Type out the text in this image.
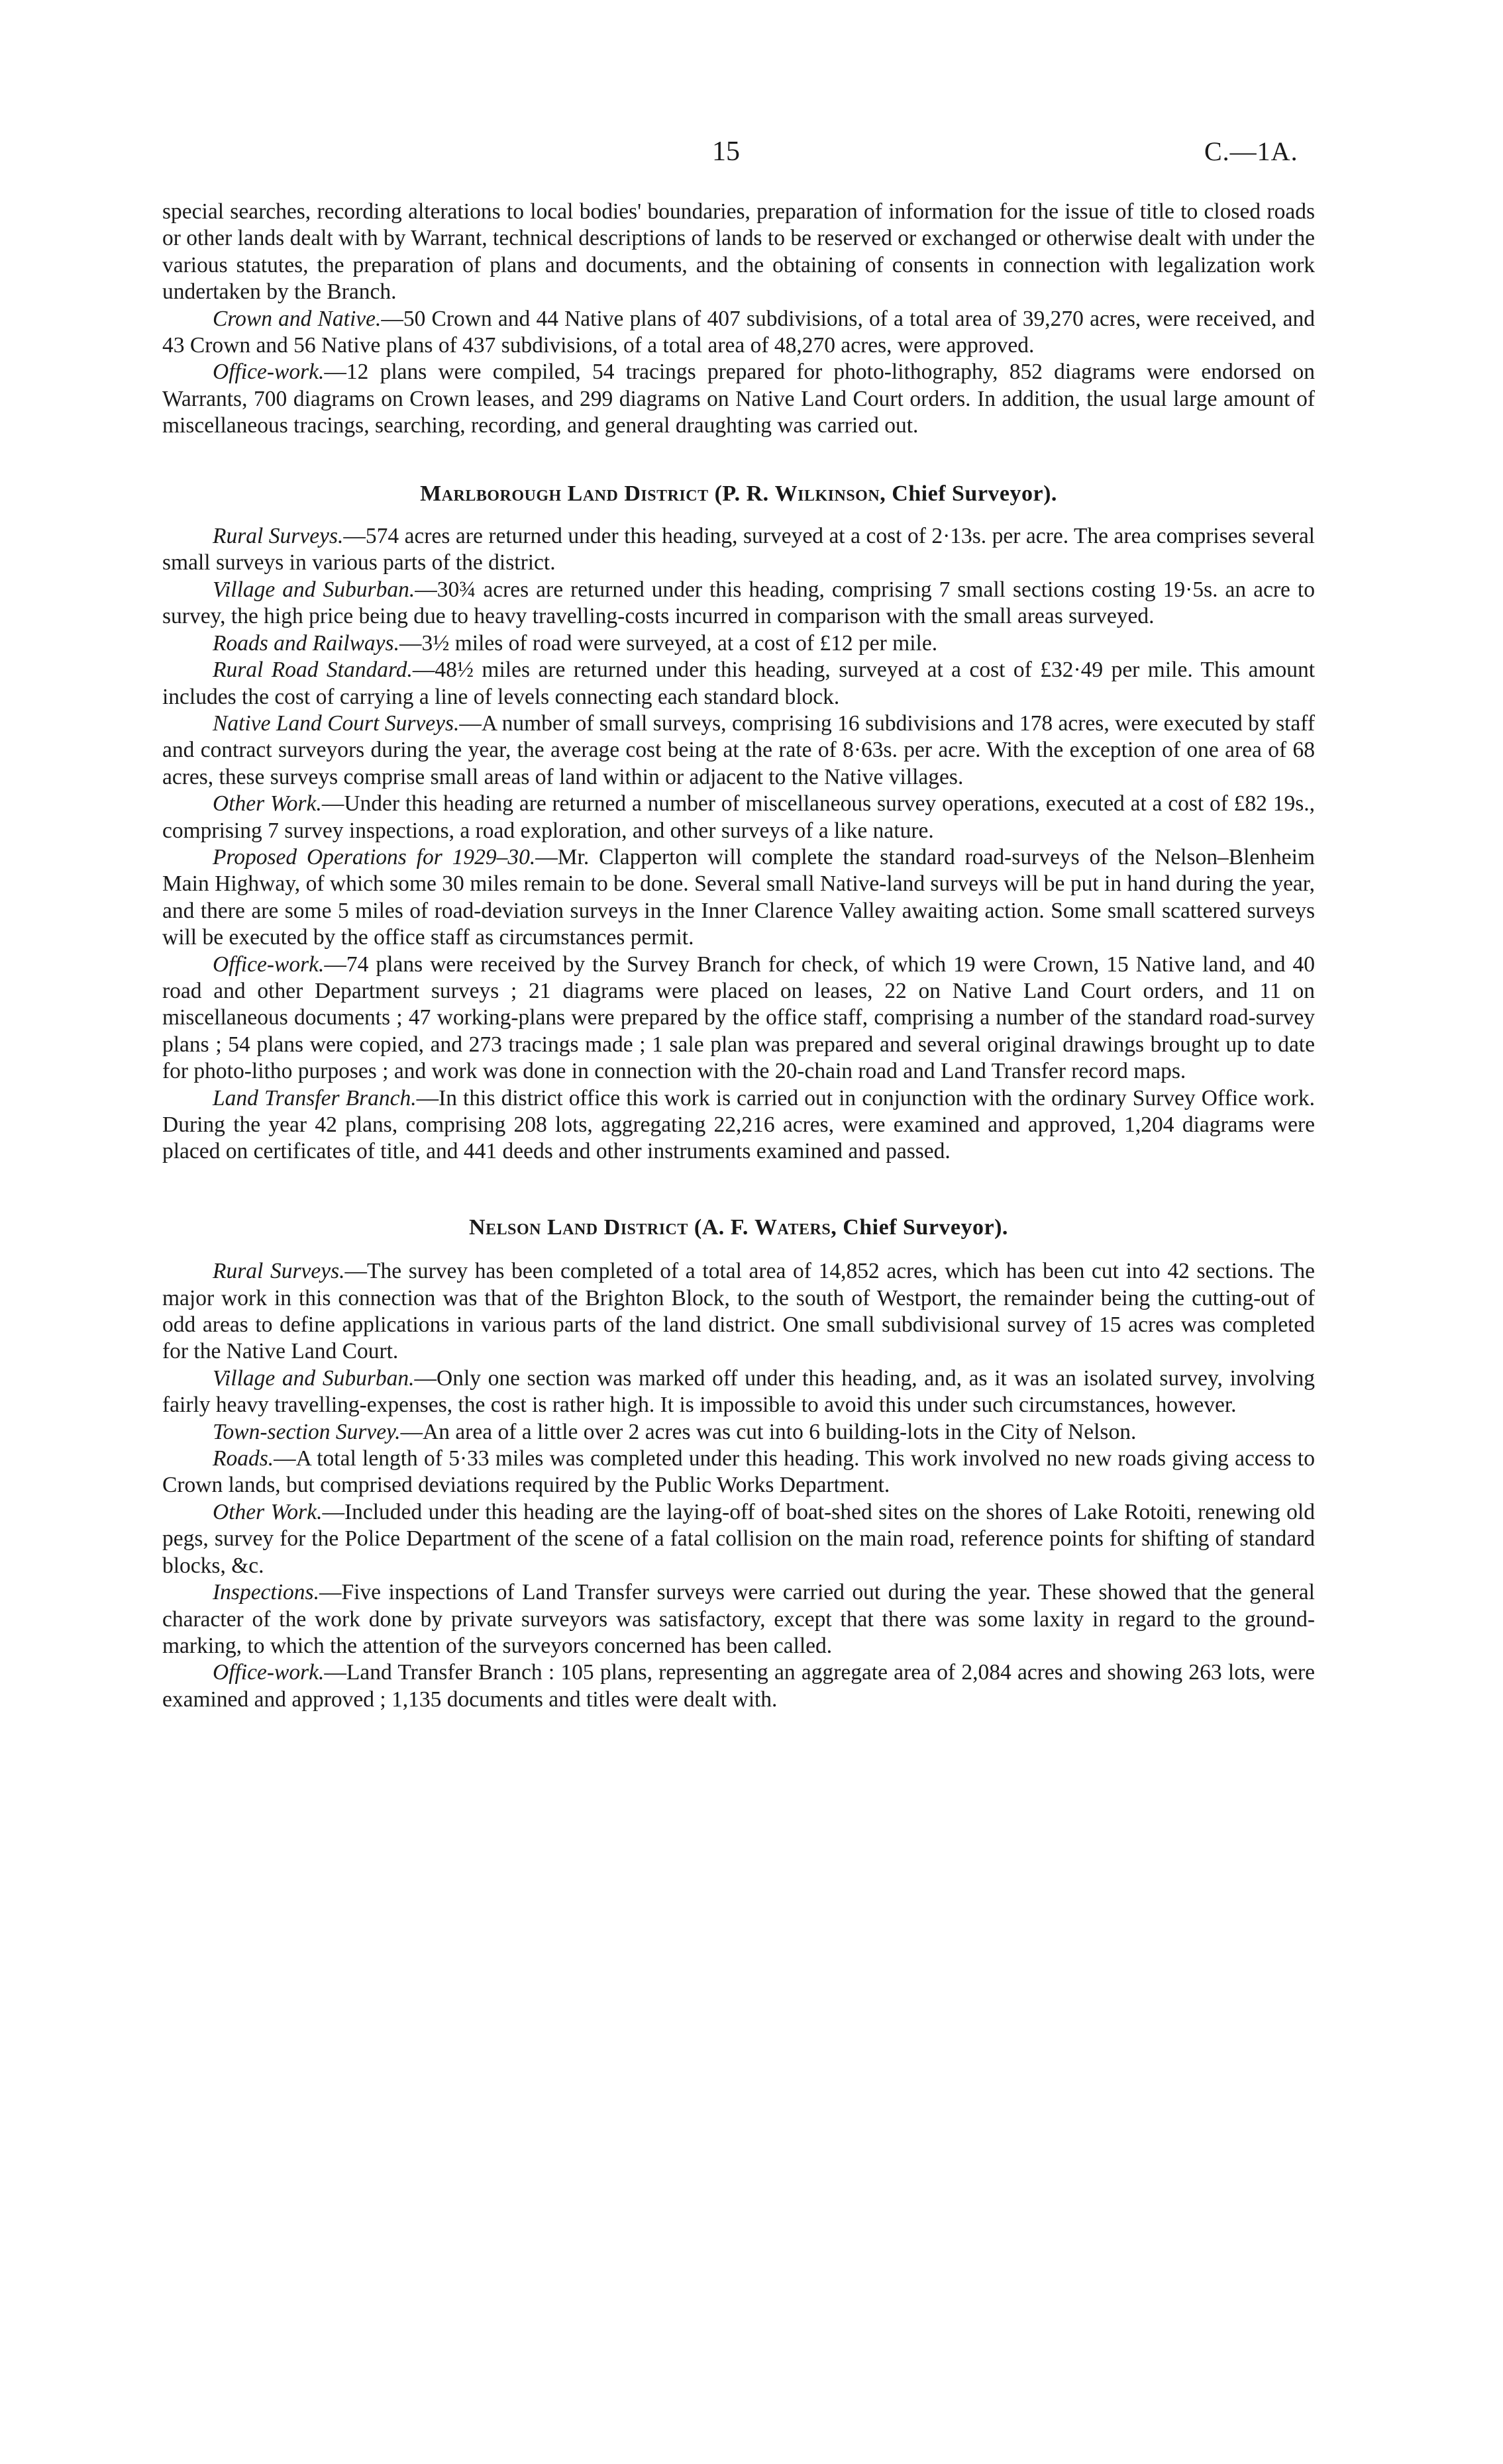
15	C.—1A.

special searches, recording alterations to local bodies' boundaries, preparation of information for the issue of title to closed roads or other lands dealt with by Warrant, technical descriptions of lands to be reserved or exchanged or otherwise dealt with under the various statutes, the preparation of plans and documents, and the obtaining of consents in connection with legalization work undertaken by the Branch.

Crown and Native.—50 Crown and 44 Native plans of 407 subdivisions, of a total area of 39,270 acres, were received, and 43 Crown and 56 Native plans of 437 subdivisions, of a total area of 48,270 acres, were approved.

Office-work.—12 plans were compiled, 54 tracings prepared for photo-lithography, 852 diagrams were endorsed on Warrants, 700 diagrams on Crown leases, and 299 diagrams on Native Land Court orders. In addition, the usual large amount of miscellaneous tracings, searching, recording, and general draughting was carried out.

Marlborough Land District (P. R. Wilkinson, Chief Surveyor).

Rural Surveys.—574 acres are returned under this heading, surveyed at a cost of 2·13s. per acre. The area comprises several small surveys in various parts of the district.

Village and Suburban.—30¾ acres are returned under this heading, comprising 7 small sections costing 19·5s. an acre to survey, the high price being due to heavy travelling-costs incurred in comparison with the small areas surveyed.

Roads and Railways.—3½ miles of road were surveyed, at a cost of £12 per mile.

Rural Road Standard.—48½ miles are returned under this heading, surveyed at a cost of £32·49 per mile. This amount includes the cost of carrying a line of levels connecting each standard block.

Native Land Court Surveys.—A number of small surveys, comprising 16 subdivisions and 178 acres, were executed by staff and contract surveyors during the year, the average cost being at the rate of 8·63s. per acre. With the exception of one area of 68 acres, these surveys comprise small areas of land within or adjacent to the Native villages.

Other Work.—Under this heading are returned a number of miscellaneous survey operations, executed at a cost of £82 19s., comprising 7 survey inspections, a road exploration, and other surveys of a like nature.

Proposed Operations for 1929–30.—Mr. Clapperton will complete the standard road-surveys of the Nelson–Blenheim Main Highway, of which some 30 miles remain to be done. Several small Native-land surveys will be put in hand during the year, and there are some 5 miles of road-deviation surveys in the Inner Clarence Valley awaiting action. Some small scattered surveys will be executed by the office staff as circumstances permit.

Office-work.—74 plans were received by the Survey Branch for check, of which 19 were Crown, 15 Native land, and 40 road and other Department surveys ; 21 diagrams were placed on leases, 22 on Native Land Court orders, and 11 on miscellaneous documents ; 47 working-plans were prepared by the office staff, comprising a number of the standard road-survey plans ; 54 plans were copied, and 273 tracings made ; 1 sale plan was prepared and several original drawings brought up to date for photo-litho purposes ; and work was done in connection with the 20-chain road and Land Transfer record maps.

Land Transfer Branch.—In this district office this work is carried out in conjunction with the ordinary Survey Office work. During the year 42 plans, comprising 208 lots, aggregating 22,216 acres, were examined and approved, 1,204 diagrams were placed on certificates of title, and 441 deeds and other instruments examined and passed.

Nelson Land District (A. F. Waters, Chief Surveyor).

Rural Surveys.—The survey has been completed of a total area of 14,852 acres, which has been cut into 42 sections. The major work in this connection was that of the Brighton Block, to the south of Westport, the remainder being the cutting-out of odd areas to define applications in various parts of the land district. One small subdivisional survey of 15 acres was completed for the Native Land Court.

Village and Suburban.—Only one section was marked off under this heading, and, as it was an isolated survey, involving fairly heavy travelling-expenses, the cost is rather high. It is impossible to avoid this under such circumstances, however.

Town-section Survey.—An area of a little over 2 acres was cut into 6 building-lots in the City of Nelson.

Roads.—A total length of 5·33 miles was completed under this heading. This work involved no new roads giving access to Crown lands, but comprised deviations required by the Public Works Department.

Other Work.—Included under this heading are the laying-off of boat-shed sites on the shores of Lake Rotoiti, renewing old pegs, survey for the Police Department of the scene of a fatal collision on the main road, reference points for shifting of standard blocks, &c.

Inspections.—Five inspections of Land Transfer surveys were carried out during the year. These showed that the general character of the work done by private surveyors was satisfactory, except that there was some laxity in regard to the ground-marking, to which the attention of the surveyors concerned has been called.

Office-work.—Land Transfer Branch : 105 plans, representing an aggregate area of 2,084 acres and showing 263 lots, were examined and approved ; 1,135 documents and titles were dealt with.
